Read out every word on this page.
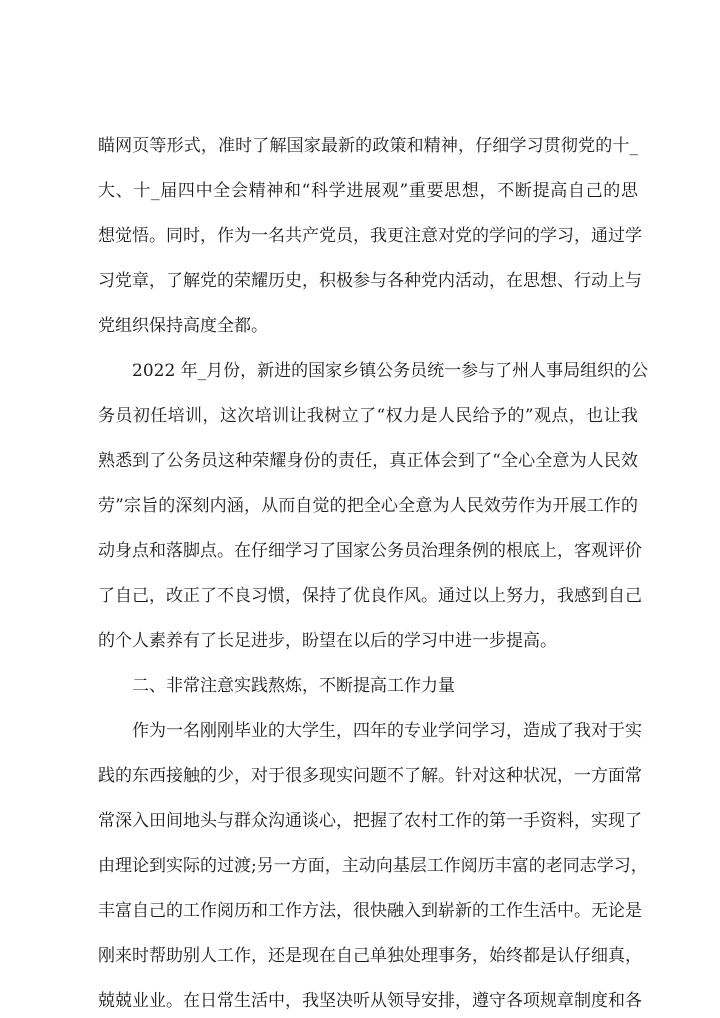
瞄网页等形式，准时了解国家最新的政策和精神，仔细学习贯彻党的十_
大、十_届四中全会精神和“科学进展观”重要思想，不断提高自己的思
想觉悟。同时，作为一名共产党员，我更注意对党的学问的学习，通过学
习党章，了解党的荣耀历史，积极参与各种党内活动，在思想、行动上与
党组织保持高度全都。
2022 年_月份，新进的国家乡镇公务员统一参与了州人事局组织的公
务员初任培训，这次培训让我树立了“权力是人民给予的”观点，也让我
熟悉到了公务员这种荣耀身份的责任，真正体会到了“全心全意为人民效
劳”宗旨的深刻内涵，从而自觉的把全心全意为人民效劳作为开展工作的
动身点和落脚点。在仔细学习了国家公务员治理条例的根底上，客观评价
了自己，改正了不良习惯，保持了优良作风。通过以上努力，我感到自己
的个人素养有了长足进步，盼望在以后的学习中进一步提高。
二、非常注意实践熬炼，不断提高工作力量
作为一名刚刚毕业的大学生，四年的专业学问学习，造成了我对于实
践的东西接触的少，对于很多现实问题不了解。针对这种状况，一方面常
常深入田间地头与群众沟通谈心，把握了农村工作的第一手资料，实现了
由理论到实际的过渡;另一方面，主动向基层工作阅历丰富的老同志学习，
丰富自己的工作阅历和工作方法，很快融入到崭新的工作生活中。无论是
刚来时帮助别人工作，还是现在自己单独处理事务，始终都是认仔细真，
兢兢业业。在日常生活中，我坚决听从领导安排，遵守各项规章制度和各
